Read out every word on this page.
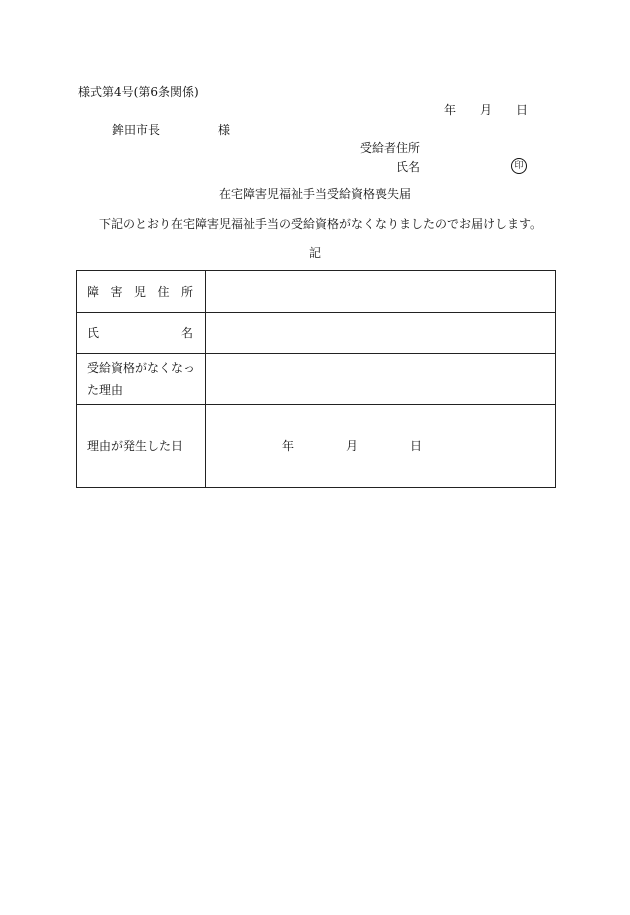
様式第4号(第6条関係)
年 月 日
鉾田市長	様
受給者住所
氏名	印
在宅障害児福祉手当受給資格喪失届
下記のとおり在宅障害児福祉手当の受給資格がなくなりましたのでお届けします。
記
障 害 児 住 所	

氏 名	

受給資格がなくなった理由	
理由が発生した日	年 月 日
